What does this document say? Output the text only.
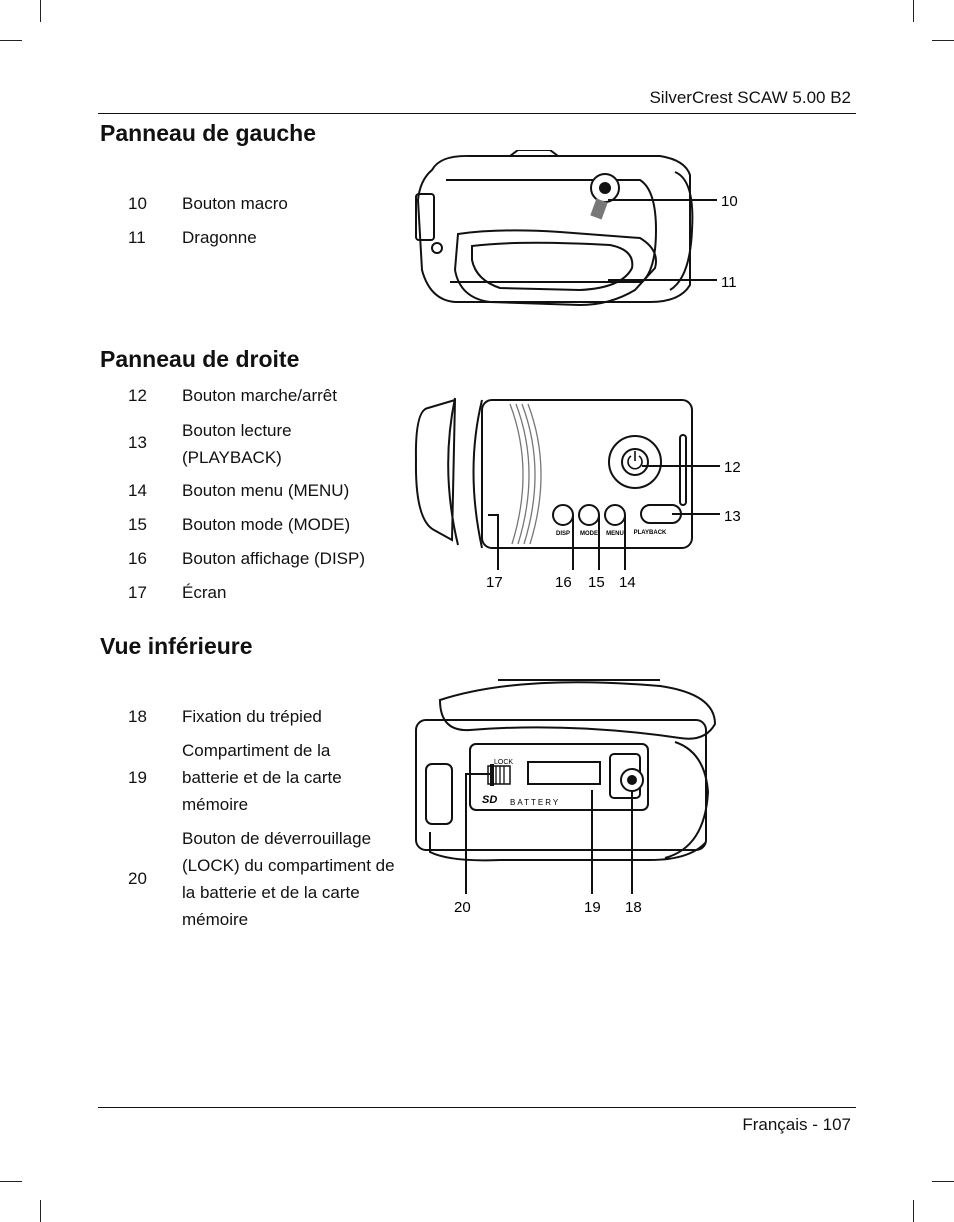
SilverCrest SCAW 5.00 B2
Panneau de gauche
10 Bouton macro
11 Dragonne
Panneau de droite
12 Bouton marche/arrêt
13
Bouton lecture (PLAYBACK)
14 Bouton menu (MENU)
15 Bouton mode (MODE)
16 Bouton affichage (DISP)
17 Écran
Vue inférieure
18 Fixation du trépied
19
Compartiment de la batterie et de la carte mémoire
20
Bouton de déverrouillage (LOCK) du compartiment de la batterie et de la carte mémoire
10
11
DISP MODE MENU PLAYBACK
12
13
17	16 15 14
LOCK
SD BATTERY
20	19 18
Français - 107
